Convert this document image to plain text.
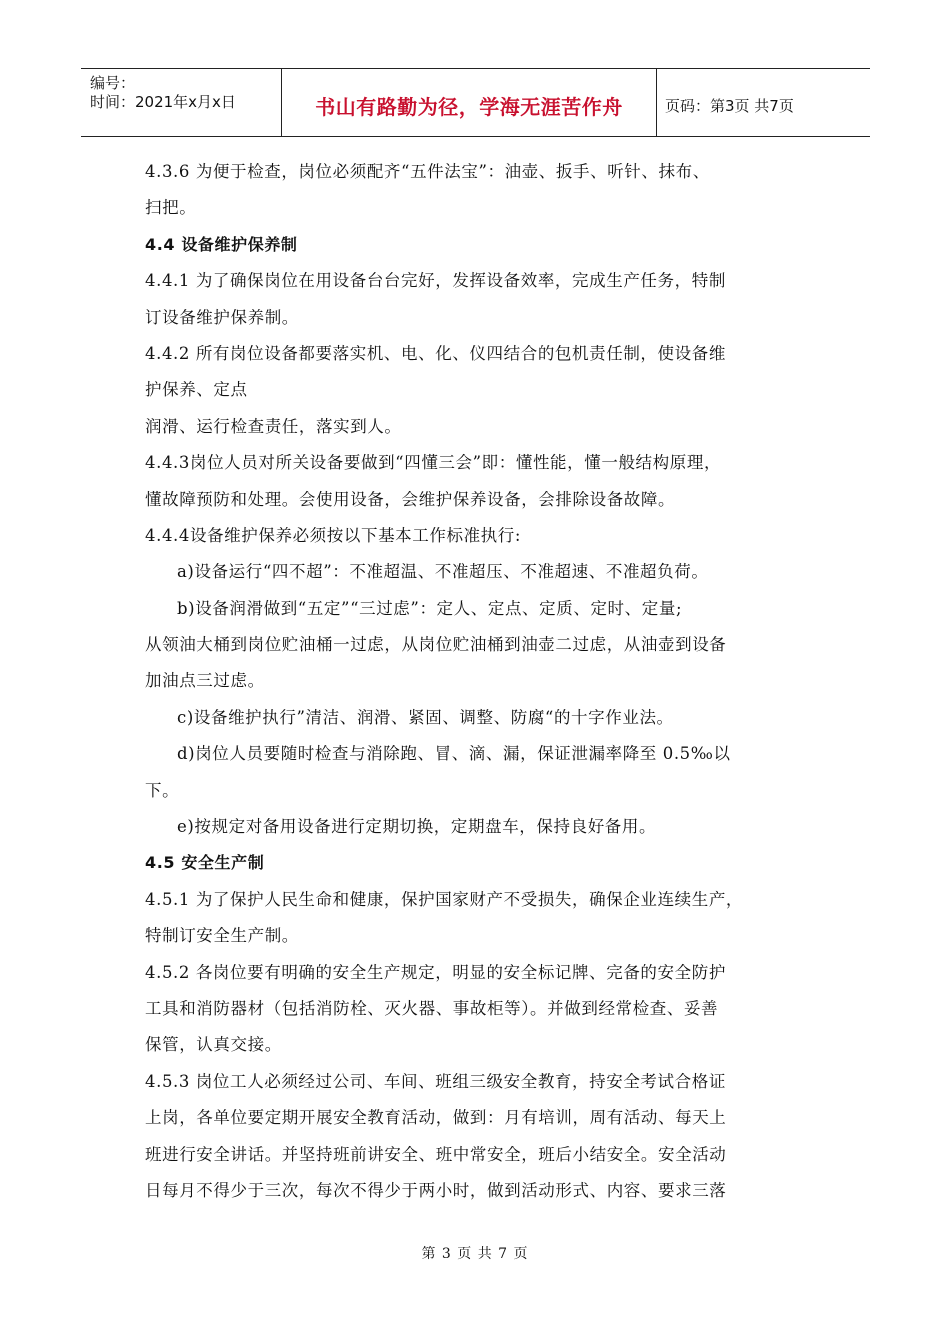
编号：
时间：2021年x月x日	书山有路勤为径，学海无涯苦作舟	页码：第3页 共7页
4.3.6 为便于检查，岗位必须配齐“五件法宝”：油壶、扳手、听针、抹布、
扫把。
4.4 设备维护保养制
4.4.1 为了确保岗位在用设备台台完好，发挥设备效率，完成生产任务，特制
订设备维护保养制。
4.4.2 所有岗位设备都要落实机、电、化、仪四结合的包机责任制，使设备维
护保养、定点
润滑、运行检查责任，落实到人。
4.4.3岗位人员对所关设备要做到“四懂三会”即：懂性能，懂一般结构原理，
懂故障预防和处理。会使用设备，会维护保养设备，会排除设备故障。
4.4.4设备维护保养必须按以下基本工作标准执行:
a)设备运行“四不超”：不准超温、不准超压、不准超速、不准超负荷。
b)设备润滑做到“五定”“三过虑”：定人、定点、定质、定时、定量;
从领油大桶到岗位贮油桶一过虑，从岗位贮油桶到油壶二过虑，从油壶到设备
加油点三过虑。
c)设备维护执行”清洁、润滑、紧固、调整、防腐“的十字作业法。
d)岗位人员要随时检查与消除跑、冒、滴、漏，保证泄漏率降至 0.5‰以
下。
e)按规定对备用设备进行定期切换，定期盘车，保持良好备用。
4.5 安全生产制
4.5.1 为了保护人民生命和健康，保护国家财产不受损失，确保企业连续生产，
特制订安全生产制。
4.5.2 各岗位要有明确的安全生产规定，明显的安全标记牌、完备的安全防护
工具和消防器材（包括消防栓、灭火器、事故柜等）。并做到经常检查、妥善
保管，认真交接。
4.5.3 岗位工人必须经过公司、车间、班组三级安全教育，持安全考试合格证
上岗，各单位要定期开展安全教育活动，做到：月有培训，周有活动、每天上
班进行安全讲话。并坚持班前讲安全、班中常安全，班后小结安全。安全活动
日每月不得少于三次，每次不得少于两小时，做到活动形式、内容、要求三落
第 3 页 共 7 页
